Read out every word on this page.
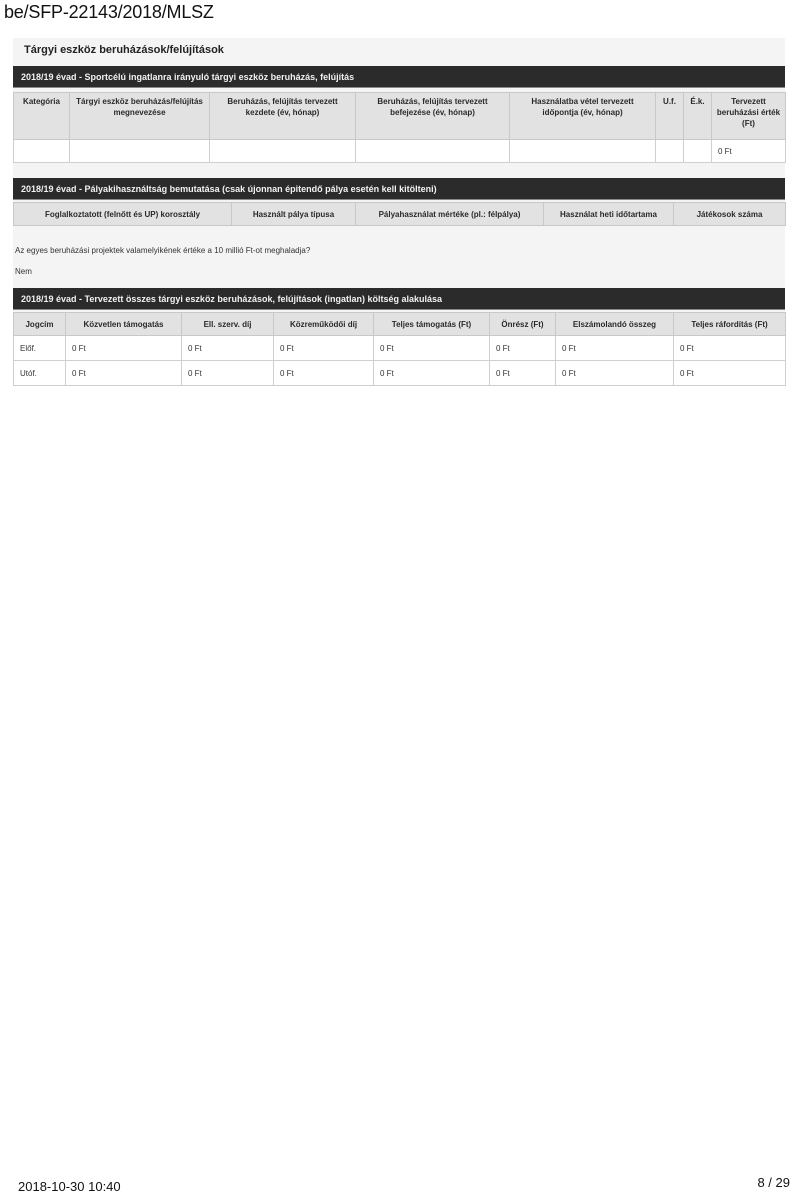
be/SFP-22143/2018/MLSZ
Tárgyi eszköz beruházások/felújítások
2018/19 évad - Sportcélú ingatlanra irányuló tárgyi eszköz beruházás, felújítás
Kategória	Tárgyi eszköz beruházás/felújítás megnevezése	Beruházás, felújítás tervezett kezdete (év, hónap)	Beruházás, felújítás tervezett befejezése (év, hónap)	Használatba vétel tervezett időpontja (év, hónap)	U.f.	É.k.	Tervezett beruházási érték (Ft)
							0 Ft
2018/19 évad - Pályakihasználtság bemutatása (csak újonnan épitendő pálya esetén kell kitölteni)
Foglalkoztatott (felnőtt és UP) korosztály	Használt pálya típusa	Pályahasználat mértéke (pl.: félpálya)	Használat heti időtartama	Játékosok száma
Az egyes beruházási projektek valamelyikének értéke a 10 millió Ft-ot meghaladja?
Nem
2018/19 évad - Tervezett összes tárgyi eszköz beruházások, felújítások (ingatlan) költség alakulása
Jogcím	Közvetlen támogatás	Ell. szerv. díj	Közreműködői díj	Teljes támogatás (Ft)	Önrész (Ft)	Elszámolandó összeg	Teljes ráfordítás (Ft)
Előf.	0 Ft	0 Ft	0 Ft	0 Ft	0 Ft	0 Ft	0 Ft
Utóf.	0 Ft	0 Ft	0 Ft	0 Ft	0 Ft	0 Ft	0 Ft
2018-10-30 10:40	8 / 29
